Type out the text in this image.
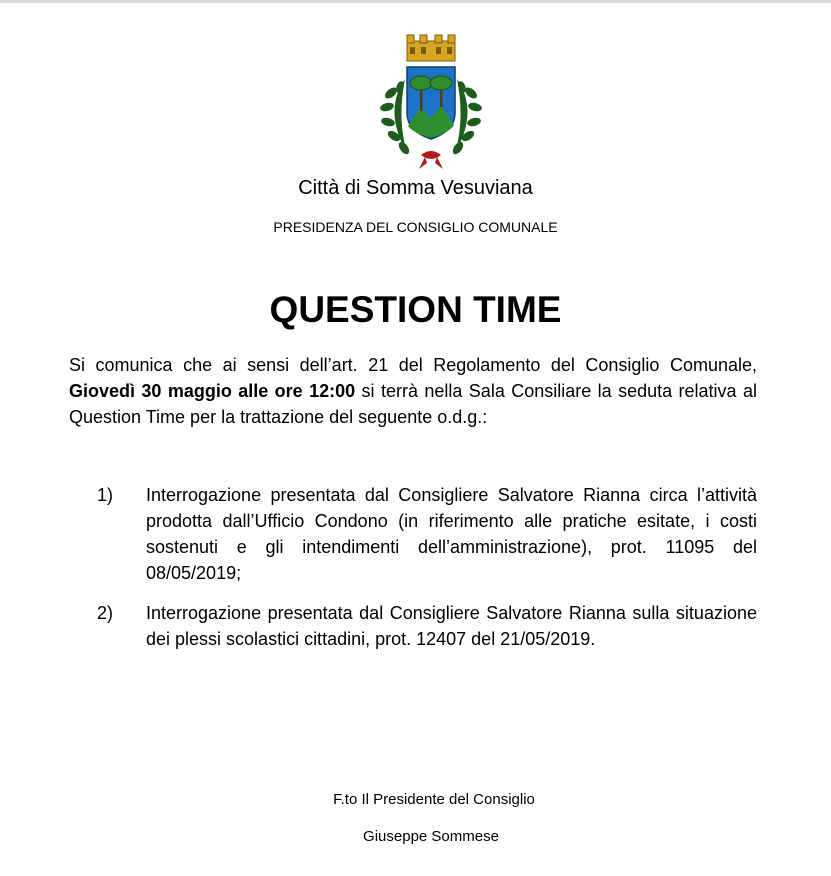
Città di Somma Vesuviana
PRESIDENZA DEL CONSIGLIO COMUNALE
QUESTION TIME

Si comunica che ai sensi dell’art. 21 del Regolamento del Consiglio Comunale, Giovedì 30 maggio alle ore 12:00 si terrà nella Sala Consiliare la seduta relativa al Question Time per la trattazione del seguente o.d.g.:

1)	Interrogazione presentata dal Consigliere Salvatore Rianna circa l’attività prodotta dall’Ufficio Condono (in riferimento alle pratiche esitate, i costi sostenuti e gli intendimenti dell’amministrazione), prot. 11095 del 08/05/2019;
2)	Interrogazione presentata dal Consigliere Salvatore Rianna sulla situazione dei plessi scolastici cittadini, prot. 12407 del 21/05/2019.
F.to Il Presidente del Consiglio
Giuseppe Sommese
